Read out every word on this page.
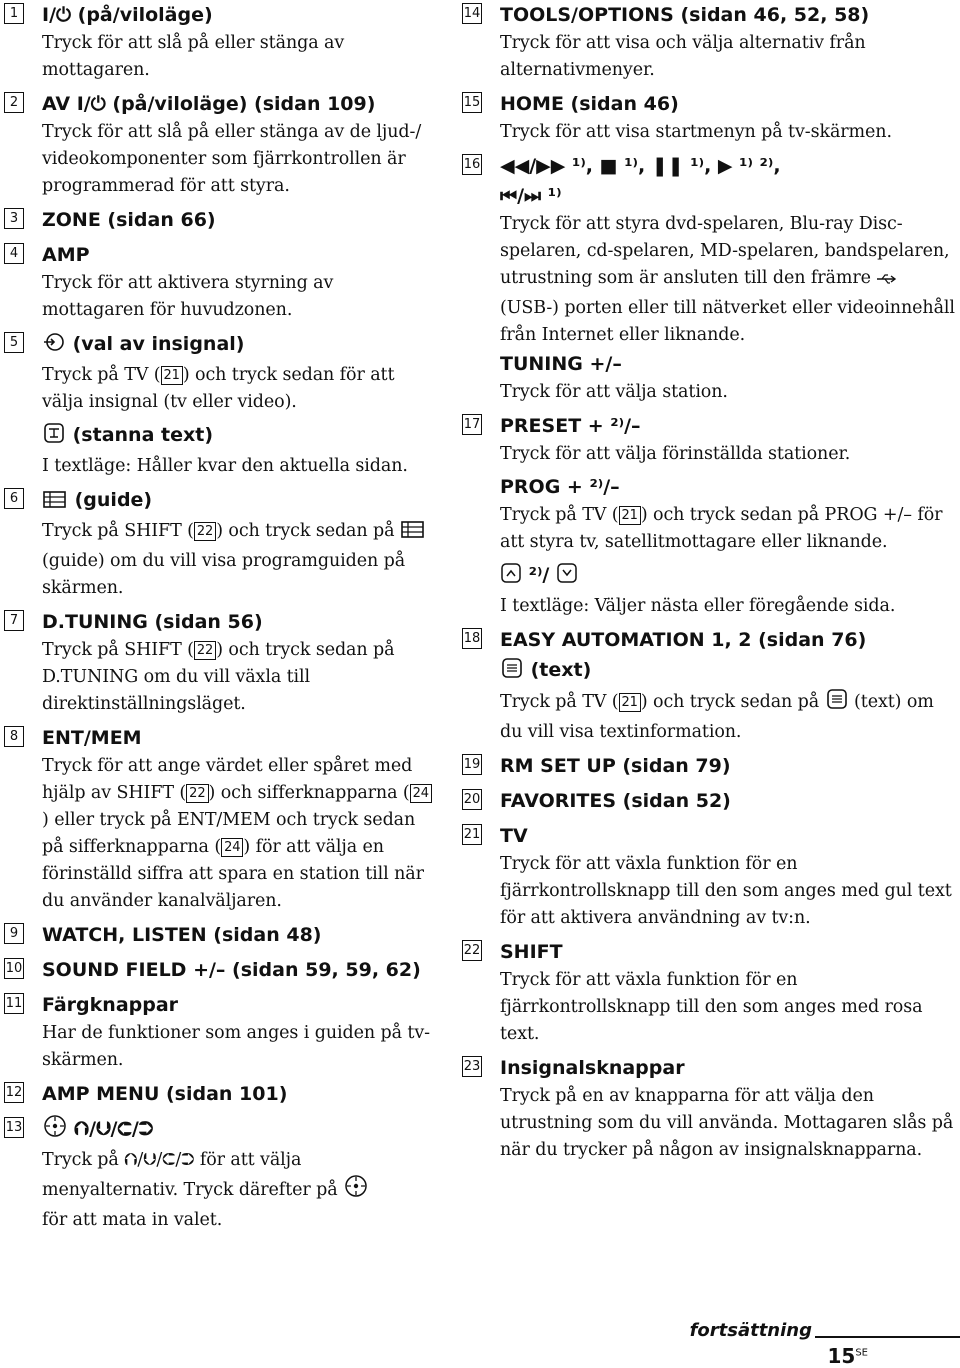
1	I/⏻ (på/viloläge)
Tryck för att slå på eller stänga av mottagaren.
2	AV I/⏻ (på/viloläge) (sidan 109)
Tryck för att slå på eller stänga av de ljud-/ videokomponenter som fjärrkontrollen är programmerad för att styra.
3	ZONE (sidan 66)
4	AMP
Tryck för att aktivera styrning av mottagaren för huvudzonen.
5	(val av insignal)
Tryck på TV ( 21 ) och tryck sedan för att välja insignal (tv eller video).
(stanna text)
I textläge: Håller kvar den aktuella sidan.
6	(guide)
Tryck på SHIFT ( 22 ) och tryck sedan på  (guide) om du vill visa programguiden på skärmen.
7	D.TUNING (sidan 56)
Tryck på SHIFT ( 22 ) och tryck sedan på D.TUNING om du vill växla till direktinställningsläget.
8	ENT/MEM
Tryck för att ange värdet eller spåret med hjälp av SHIFT ( 22 ) och sifferknapparna ( 24) eller tryck på ENT/MEM och tryck sedan på sifferknapparna ( 24 ) för att välja en förinställd siffra att spara en station till när du använder kanalväljaren.
9	WATCH, LISTEN (sidan 48)
10 SOUND FIELD +/– (sidan 59, 59, 62)
11 Färgknappar
Har de funktioner som anges i guiden på tv-skärmen.
12 AMP MENU (sidan 101)
13	⮉/⮋/⮈/⮊
Tryck på ⮉/⮋/⮈/⮊ för att välja menyalternativ. Tryck därefter på
för att mata in valet.
14 TOOLS/OPTIONS (sidan 46, 52, 58)
Tryck för att visa och välja alternativ från alternativmenyer.
15 HOME (sidan 46)
Tryck för att visa startmenyn på tv-skärmen.
16 ◀◀/▶▶ ¹⁾, ■ ¹⁾, ❚❚ ¹⁾, ▶ ¹⁾ ²⁾,
⏮/⏭ ¹⁾
Tryck för att styra dvd-spelaren, Blu-ray Disc-spelaren, cd-spelaren, MD-spelaren, bandspelaren, utrustning som är ansluten till den främre  (USB-) porten eller till nätverket eller videoinnehåll från Internet eller liknande.
TUNING +/–
Tryck för att välja station.
17 PRESET + ²⁾/–
Tryck för att välja förinställda stationer.
PROG + ²⁾/–
Tryck på TV ( 21 ) och tryck sedan på PROG +/– för att styra tv, satellitmottagare eller liknande.
²⁾/
I textläge: Väljer nästa eller föregående sida.
18 EASY AUTOMATION 1, 2 (sidan 76)
(text)
Tryck på TV ( 21 ) och tryck sedan på (text) om du vill visa textinformation.
19 RM SET UP (sidan 79)
20 FAVORITES (sidan 52)
21 TV
Tryck för att växla funktion för en fjärrkontrollsknapp till den som anges med gul text för att aktivera användning av tv:n.
22 SHIFT
Tryck för att växla funktion för en fjärrkontrollsknapp till den som anges med rosa text.
23 Insignalsknappar
Tryck på en av knapparna för att välja den utrustning som du vill använda. Mottagaren slås på när du trycker på någon av insignalsknapparna.
fortsättning
$15^{SE}$
